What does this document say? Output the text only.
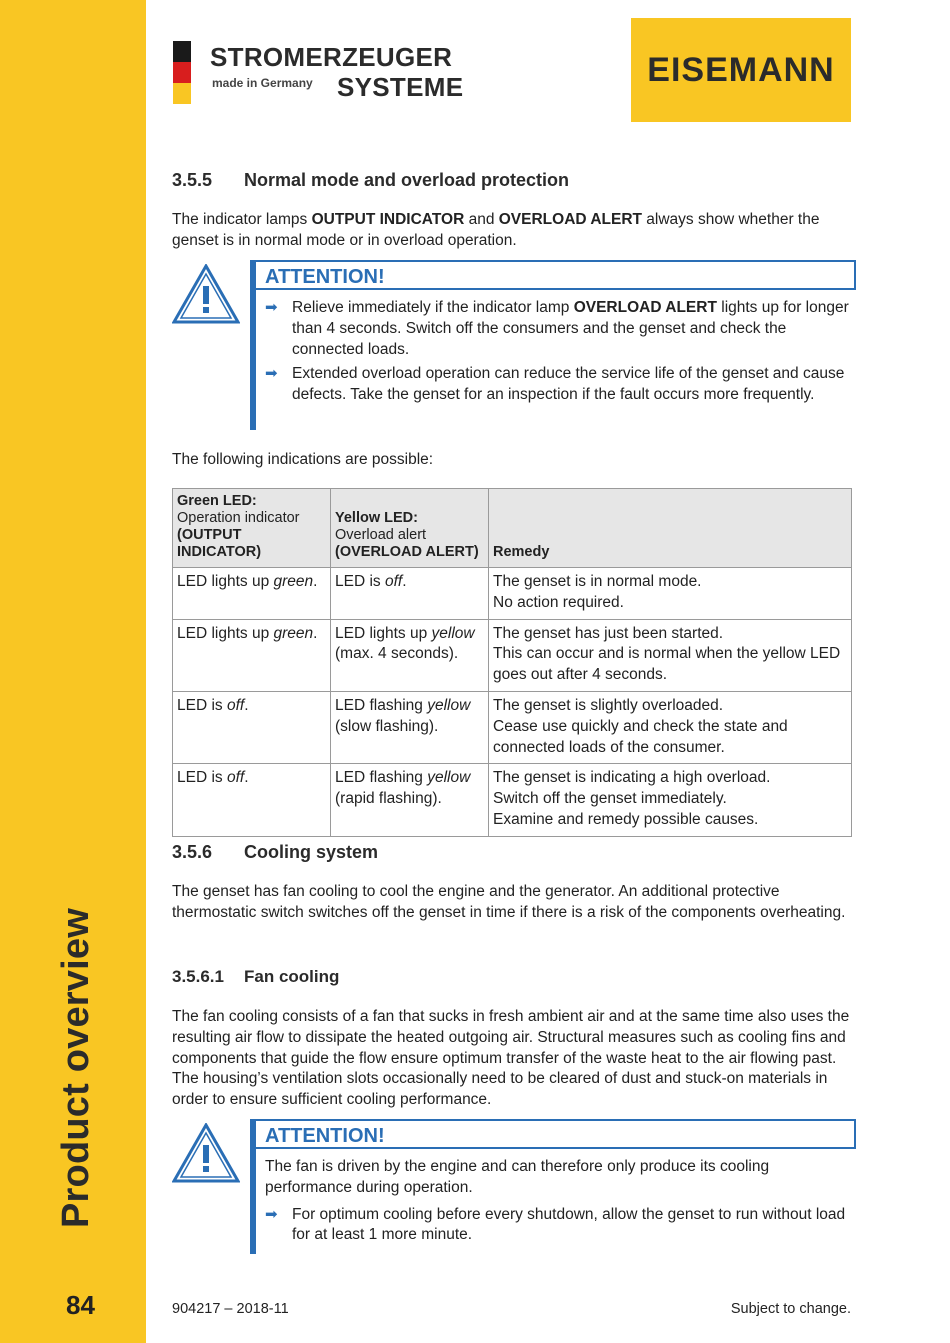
Product overview
84
STROMERZEUGER
made in Germany SYSTEME	EISEMANN
3.5.5 Normal mode and overload protection
The indicator lamps OUTPUT INDICATOR and OVERLOAD ALERT always show whether the genset is in normal mode or in overload operation.
ATTENTION!
➡ Relieve immediately if the indicator lamp OVERLOAD ALERT lights up for longer than 4 seconds. Switch off the consumers and the genset and check the connected loads.
➡ Extended overload operation can reduce the service life of the genset and cause defects. Take the genset for an inspection if the fault occurs more frequently.
The following indications are possible:
Green LED:
Operation indicator
(OUTPUT INDICATOR)	Yellow LED:
Overload alert
(OVERLOAD ALERT)	Remedy
LED lights up green.	LED is off.	The genset is in normal mode.
No action required.
LED lights up green.	LED lights up yellow (max. 4 seconds).	The genset has just been started.
This can occur and is normal when the yellow LED goes out after 4 seconds.
LED is off.	LED flashing yellow (slow flashing).	The genset is slightly overloaded.
Cease use quickly and check the state and connected loads of the consumer.
LED is off.	LED flashing yellow (rapid flashing).	The genset is indicating a high overload.
Switch off the genset immediately.
Examine and remedy possible causes.
3.5.6 Cooling system
The genset has fan cooling to cool the engine and the generator. An additional protective thermostatic switch switches off the genset in time if there is a risk of the components overheating.
3.5.6.1 Fan cooling
The fan cooling consists of a fan that sucks in fresh ambient air and at the same time also uses the resulting air flow to dissipate the heated outgoing air. Structural measures such as cooling fins and components that guide the flow ensure optimum transfer of the waste heat to the air flowing past. The housing’s ventilation slots occasionally need to be cleared of dust and stuck-on materials in order to ensure sufficient cooling performance.
ATTENTION!
The fan is driven by the engine and can therefore only produce its cooling performance during operation.
➡ For optimum cooling before every shutdown, allow the genset to run without load for at least 1 more minute.
904217 – 2018-11	Subject to change.
